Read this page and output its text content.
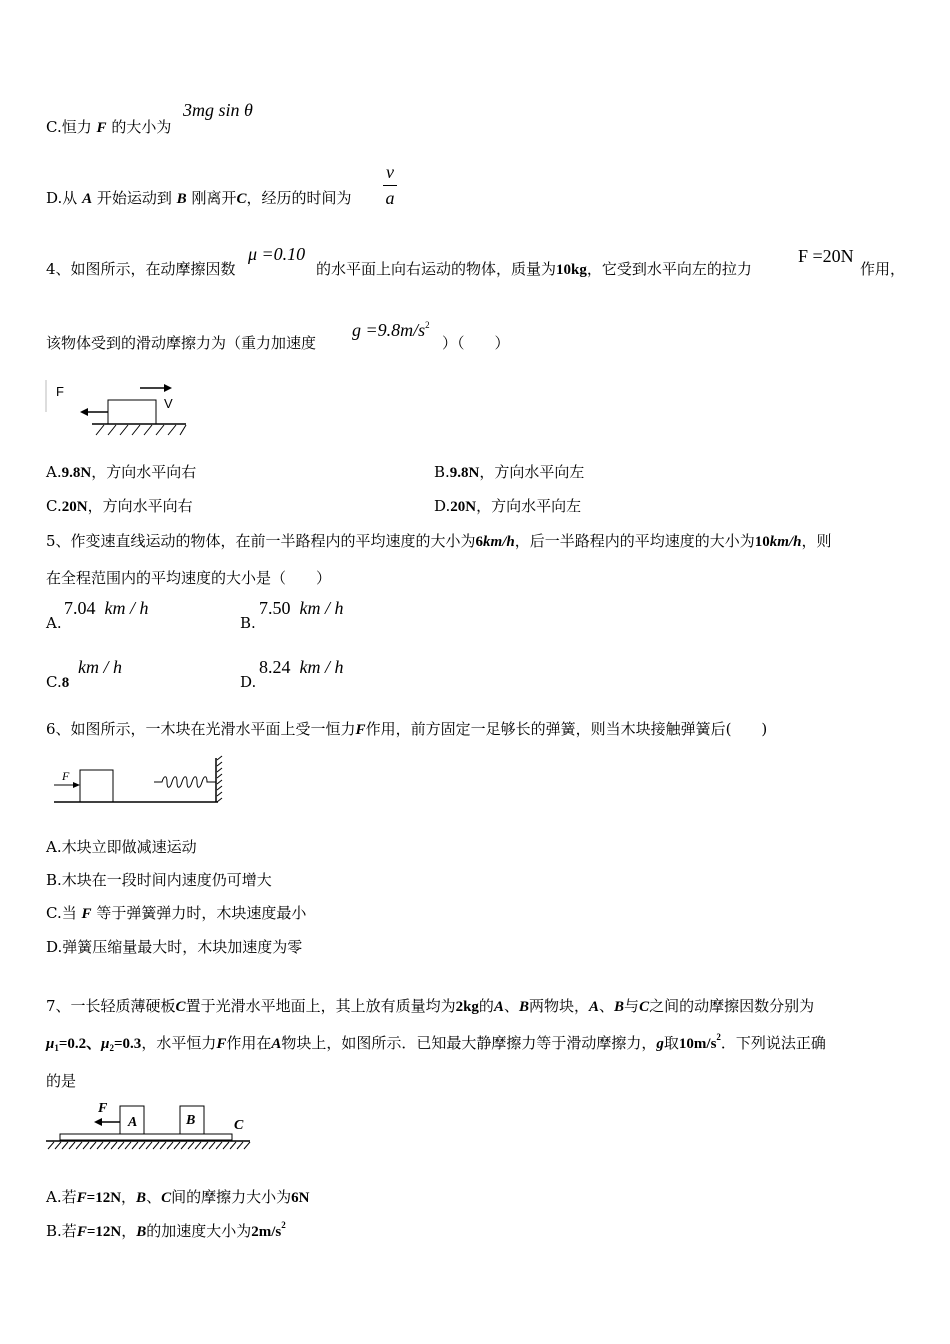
C.恒力 F 的大小为
3mg sin θ
D.从 A 开始运动到 B 刚离开C，经历的时间为
v
a
4、如图所示，在动摩擦因数
μ =0.10
的水平面上向右运动的物体，质量为10kg，它受到水平向左的拉力
F =20N
作用，
该物体受到的滑动摩擦力为（重力加速度
$g =9.8m/s^2$
）（　　）
F
V
A.9.8N，方向水平向右	B.9.8N，方向水平向左
C.20N，方向水平向右	D.20N，方向水平向左
5、作变速直线运动的物体，在前一半路程内的平均速度的大小为6km/h，后一半路程内的平均速度的大小为10km/h，则
在全程范围内的平均速度的大小是（　　）
A.
7.04 km / h
B.
7.50 km / h
C.8
km / h
D.
8.24 km / h
6、如图所示，一木块在光滑水平面上受一恒力F作用，前方固定一足够长的弹簧，则当木块接触弹簧后(　　)
F
A.木块立即做减速运动
B.木块在一段时间内速度仍可增大
C.当 F 等于弹簧弹力时，木块速度最小
D.弹簧压缩量最大时，木块加速度为零
7、一长轻质薄硬板C置于光滑水平地面上，其上放有质量均为2kg的A、B两物块，A、B与C之间的动摩擦因数分别为
$\mu_1=0.2$、$\mu_2=0.3$，水平恒力F作用在A物块上，如图所示．已知最大静摩擦力等于滑动摩擦力，g取$10m/s^2$．下列说法正确
的是
F
A	B	C
A.若F=12N，B、C间的摩擦力大小为6N
B.若F=12N，B的加速度大小为$2m/s^2$
